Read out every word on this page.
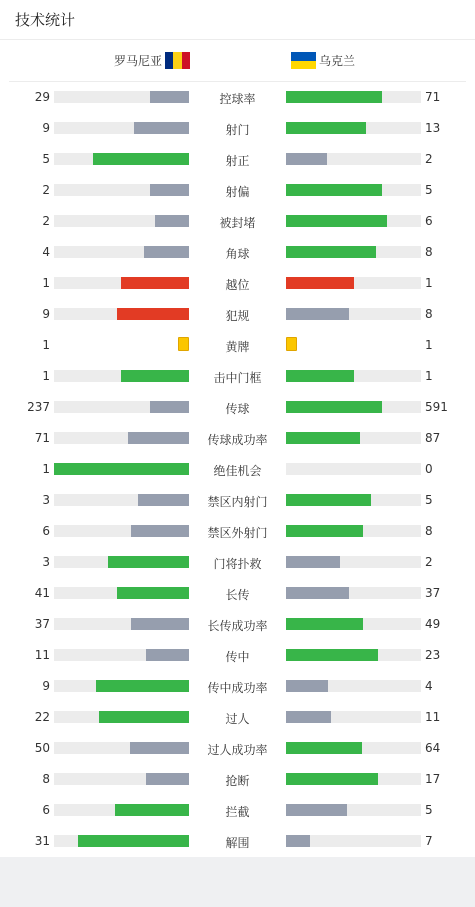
技术统计
罗马尼亚	乌克兰
29	控球率	71
9	射门	13
5	射正	2
2	射偏	5
2	被封堵	6
4	角球	8
1	越位	1
9	犯规	8
1	黄牌	1
1	击中门框	1
237	传球	591
71	传球成功率	87
1	绝佳机会	0
3	禁区内射门	5
6	禁区外射门	8
3	门将扑救	2
41	长传	37
37	长传成功率	49
11	传中	23
9	传中成功率	4
22	过人	11
50	过人成功率	64
8	抢断	17
6	拦截	5
31	解围	7
